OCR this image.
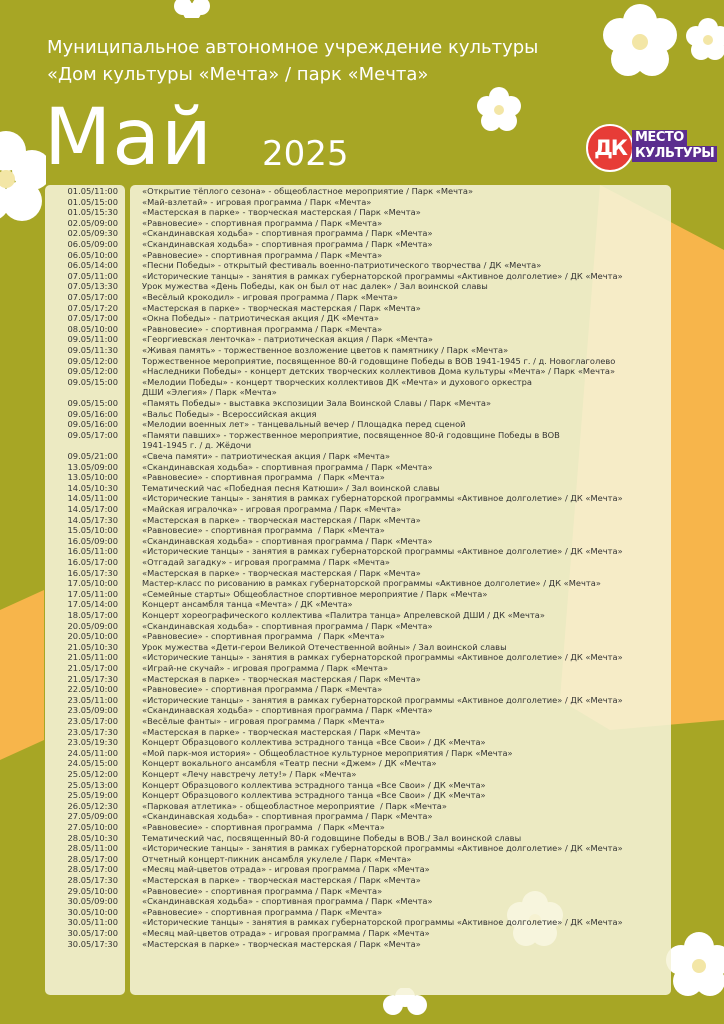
Муниципальное автономное учреждение культуры
«Дом культуры «Мечта» / парк «Мечта»
Май 2025	ДК МЕСТО
КУЛЬТУРЫ
01.05/11:00	«Открытие тёплого сезона» - общеобластное мероприятие / Парк «Мечта»
01.05/15:00	«Май-взлетай» - игровая программа / Парк «Мечта»
01.05/15:30	«Мастерская в парке» - творческая мастерская / Парк «Мечта»
02.05/09:00	«Равновесие» - спортивная программа / Парк «Мечта»
02.05/09:30	«Скандинавская ходьба» - спортивная программа / Парк «Мечта»
06.05/09:00	«Скандинавская ходьба» - спортивная программа / Парк «Мечта»
06.05/10:00	«Равновесие» - спортивная программа / Парк «Мечта»
06.05/14:00	«Песни Победы» - открытый фестиваль военно-патриотического творчества / ДК «Мечта»
07.05/11:00	«Исторические танцы» - занятия в рамках губернаторской программы «Активное долголетие» / ДК «Мечта»
07.05/13:30	Урок мужества «День Победы, как он был от нас далек» / Зал воинской славы
07.05/17:00	«Весёлый крокодил» - игровая программа / Парк «Мечта»
07.05/17:20	«Мастерская в парке» - творческая мастерская / Парк «Мечта»
07.05/17:00	«Окна Победы» - патриотическая акция / ДК «Мечта»
08.05/10:00	«Равновесие» - спортивная программа / Парк «Мечта»
09.05/11:00	«Георгиевская ленточка» - патриотическая акция / Парк «Мечта»
09.05/11:30	«Живая память» - торжественное возложение цветов к памятнику / Парк «Мечта»
09.05/12:00	Торжественное мероприятие, посвященное 80-й годовщине Победы в ВОВ 1941-1945 г. / д. Новоглаголево
09.05/12:00	«Наследники Победы» - концерт детских творческих коллективов Дома культуры «Мечта» / Парк «Мечта»
09.05/15:00	«Мелодии Победы» - концерт творческих коллективов ДК «Мечта» и духового оркестра
ДШИ «Элегия» / Парк «Мечта»
09.05/15:00	«Память Победы» - выставка экспозиции Зала Воинской Славы / Парк «Мечта»
09.05/16:00	«Вальс Победы» - Всероссийская акция
09.05/16:00	«Мелодии военных лет» - танцевальный вечер / Площадка перед сценой
09.05/17:00	«Памяти павших» - торжественное мероприятие, посвященное 80-й годовщине Победы в ВОВ
1941-1945 г. / д. Жёдочи
09.05/21:00	«Свеча памяти» - патриотическая акция / Парк «Мечта»
13.05/09:00	«Скандинавская ходьба» - спортивная программа / Парк «Мечта»
13.05/10:00	«Равновесие» - спортивная программа  / Парк «Мечта»
14.05/10:30	Тематический час «Победная песня Катюши» / Зал воинской славы
14.05/11:00	«Исторические танцы» - занятия в рамках губернаторской программы «Активное долголетие» / ДК «Мечта»
14.05/17:00	«Майская игралочка» - игровая программа / Парк «Мечта»
14.05/17:30	«Мастерская в парке» - творческая мастерская / Парк «Мечта»
15.05/10:00	«Равновесие» - спортивная программа  / Парк «Мечта»
16.05/09:00	«Скандинавская ходьба» - спортивная программа / Парк «Мечта»
16.05/11:00	«Исторические танцы» - занятия в рамках губернаторской программы «Активное долголетие» / ДК «Мечта»
16.05/17:00	«Отгадай загадку» - игровая программа / Парк «Мечта»
16.05/17:30	«Мастерская в парке» - творческая мастерская / Парк «Мечта»
17.05/10:00	Мастер-класс по рисованию в рамках губернаторской программы «Активное долголетие» / ДК «Мечта»
17.05/11:00	«Семейные старты» Общеобластное спортивное мероприятие / Парк «Мечта»
17.05/14:00	Концерт ансамбля танца «Мечта» / ДК «Мечта»
18.05/17:00	Концерт хореографического коллектива «Палитра танца» Апрелевской ДШИ / ДК «Мечта»
20.05/09:00	«Скандинавская ходьба» - спортивная программа / Парк «Мечта»
20.05/10:00	«Равновесие» - спортивная программа  / Парк «Мечта»
21.05/10:30	Урок мужества «Дети-герои Великой Отечественной войны» / Зал воинской славы
21.05/11:00	«Исторические танцы» - занятия в рамках губернаторской программы «Активное долголетие» / ДК «Мечта»
21.05/17:00	«Играй-не скучай» - игровая программа / Парк «Мечта»
21.05/17:30	«Мастерская в парке» - творческая мастерская / Парк «Мечта»
22.05/10:00	«Равновесие» - спортивная программа / Парк «Мечта»
23.05/11:00	«Исторические танцы» - занятия в рамках губернаторской программы «Активное долголетие» / ДК «Мечта»
23.05/09:00	«Скандинавская ходьба» - спортивная программа / Парк «Мечта»
23.05/17:00	«Весёлые фанты» - игровая программа / Парк «Мечта»
23.05/17:30	«Мастерская в парке» - творческая мастерская / Парк «Мечта»
23.05/19:30	Концерт Образцового коллектива эстрадного танца «Все Свои» / ДК «Мечта»
24.05/11:00	«Мой парк-моя история» - Общеобластное культурное мероприятия / Парк «Мечта»
24.05/15:00	Концерт вокального ансамбля «Театр песни «Джем» / ДК «Мечта»
25.05/12:00	Концерт «Лечу навстречу лету!» / Парк «Мечта»
25.05/13:00	Концерт Образцового коллектива эстрадного танца «Все Свои» / ДК «Мечта»
25.05/19:00	Концерт Образцового коллектива эстрадного танца «Все Свои» / ДК «Мечта»
26.05/12:30	«Парковая атлетика» - общеобластное мероприятие  / Парк «Мечта»
27.05/09:00	«Скандинавская ходьба» - спортивная программа / Парк «Мечта»
27.05/10:00	«Равновесие» - спортивная программа  / Парк «Мечта»
28.05/10:30	Тематический час, посвященный 80-й годовщине Победы в ВОВ./ Зал воинской славы
28.05/11:00	«Исторические танцы» - занятия в рамках губернаторской программы «Активное долголетие» / ДК «Мечта»
28.05/17:00	Отчетный концерт-пикник ансамбля укулеле / Парк «Мечта»
28.05/17:00	«Месяц май-цветов отрада» - игровая программа / Парк «Мечта»
28.05/17:30	«Мастерская в парке» - творческая мастерская / Парк «Мечта»
29.05/10:00	«Равновесие» - спортивная программа / Парк «Мечта»
30.05/09:00	«Скандинавская ходьба» - спортивная программа / Парк «Мечта»
30.05/10:00	«Равновесие» - спортивная программа / Парк «Мечта»
30.05/11:00	«Исторические танцы» - занятия в рамках губернаторской программы «Активное долголетие» / ДК «Мечта»
30.05/17:00	«Месяц май-цветов отрада» - игровая программа / Парк «Мечта»
30.05/17:30	«Мастерская в парке» - творческая мастерская / Парк «Мечта»
